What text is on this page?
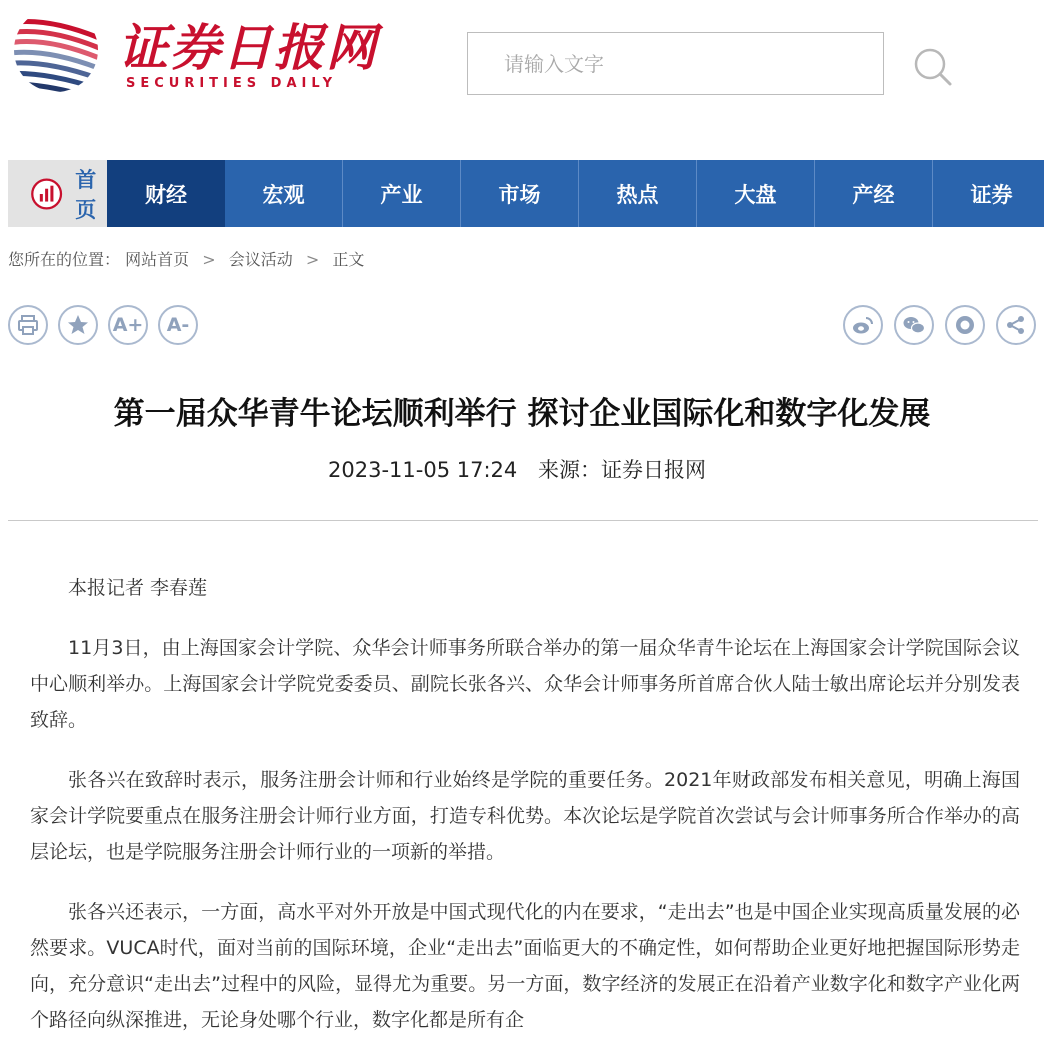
证券日报网
SECURITIES DAILY
请输入文字
首页
财经	宏观	产业	市场	热点	大盘	产经	证券
您所在的位置： 网站首页 > 会议活动 > 正文
A+ A-
第一届众华青牛论坛顺利举行 探讨企业国际化和数字化发展
2023-11-05 17:24 来源：证券日报网

本报记者 李春莲

11月3日，由上海国家会计学院、众华会计师事务所联合举办的第一届众华青牛论坛在上海国家会计学院国际会议中心顺利举办。上海国家会计学院党委委员、副院长张各兴、众华会计师事务所首席合伙人陆士敏出席论坛并分别发表致辞。

张各兴在致辞时表示，服务注册会计师和行业始终是学院的重要任务。2021年财政部发布相关意见，明确上海国家会计学院要重点在服务注册会计师行业方面，打造专科优势。本次论坛是学院首次尝试与会计师事务所合作举办的高层论坛，也是学院服务注册会计师行业的一项新的举措。

张各兴还表示，一方面，高水平对外开放是中国式现代化的内在要求，“走出去”也是中国企业实现高质量发展的必然要求。VUCA时代，面对当前的国际环境，企业“走出去”面临更大的不确定性，如何帮助企业更好地把握国际形势走向，充分意识“走出去”过程中的风险，显得尤为重要。另一方面，数字经济的发展正在沿着产业数字化和数字产业化两个路径向纵深推进，无论身处哪个行业，数字化都是所有企
